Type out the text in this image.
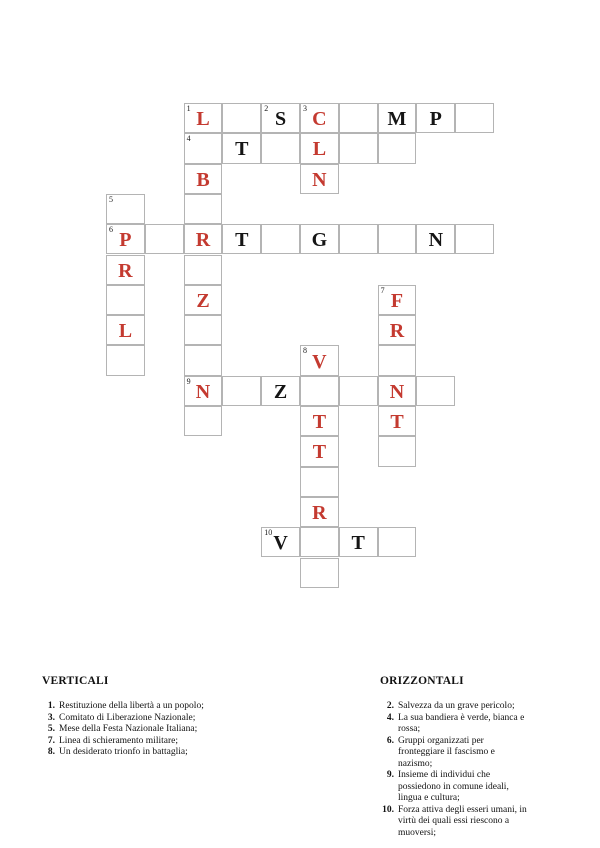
1 L	2 S 3 C	M P
4 T	L
B	N
5
6 P	R T	G	N
R
Z	7 F
L	R
8 V
9 N	Z	N
T	T
T
R
10 V	T
VERTICALI
1. Restituzione della libertà a un popolo;
3. Comitato di Liberazione Nazionale;
5. Mese della Festa Nazionale Italiana;
7. Linea di schieramento militare;
8. Un desiderato trionfo in battaglia;
ORIZZONTALI
2. Salvezza da un grave pericolo;
4. La sua bandiera è verde, bianca e rossa;
6. Gruppi organizzati per fronteggiare il fascismo e nazismo;
9. Insieme di individui che possiedono in comune ideali, lingua e cultura;
10. Forza attiva degli esseri umani, in virtù dei quali essi riescono a muoversi;
